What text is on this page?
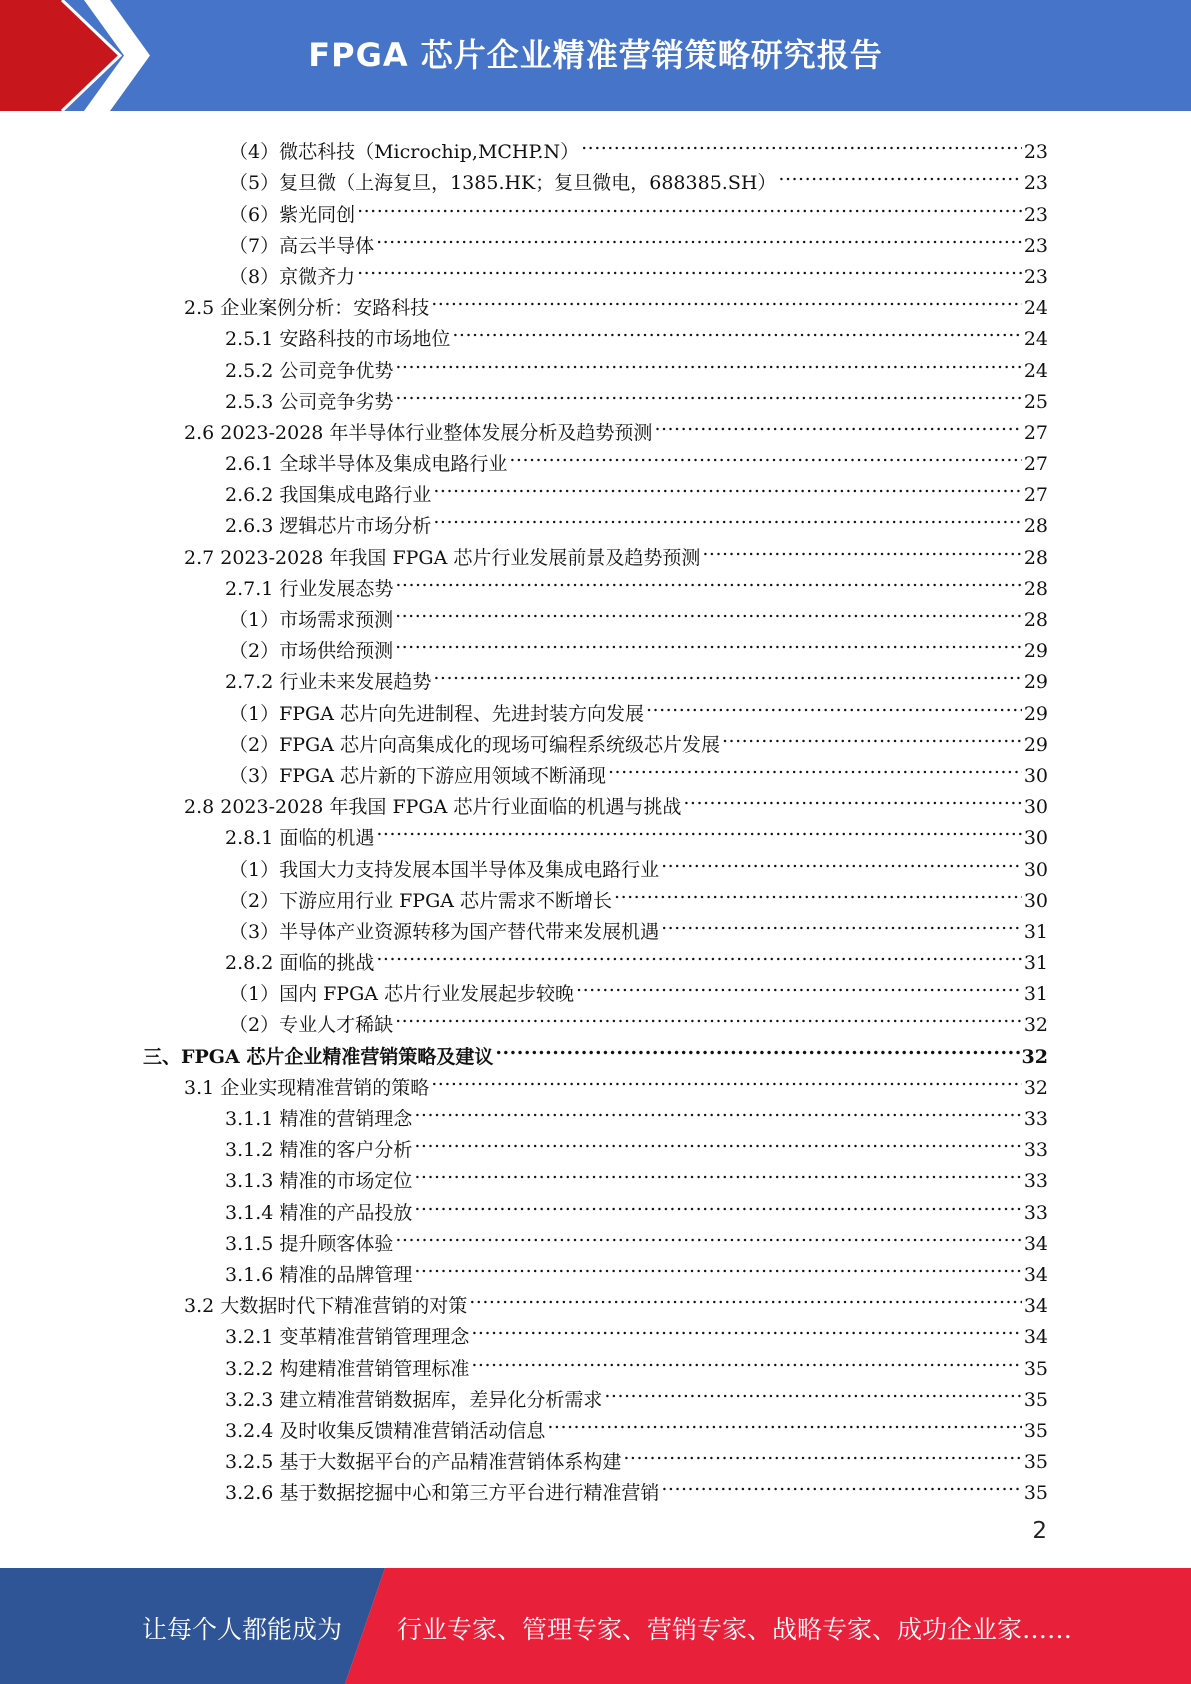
FPGA 芯片企业精准营销策略研究报告
（4）微芯科技（Microchip,MCHP.N） .....	23
（5）复旦微（上海复旦，1385.HK；复旦微电，688385.SH） .....	23
（6）紫光同创 .....	23
（7）高云半导体 .....	23
（8）京微齐力 .....	23
2.5 企业案例分析：安路科技 .....	24
2.5.1 安路科技的市场地位 .....	24
2.5.2 公司竞争优势 .....	24
2.5.3 公司竞争劣势 .....	25
2.6 2023-2028 年半导体行业整体发展分析及趋势预测 .....	27
2.6.1 全球半导体及集成电路行业 .....	27
2.6.2 我国集成电路行业 .....	27
2.6.3 逻辑芯片市场分析 .....	28
2.7 2023-2028 年我国 FPGA 芯片行业发展前景及趋势预测 .....	28
2.7.1 行业发展态势 .....	28
（1）市场需求预测 .....	28
（2）市场供给预测 .....	29
2.7.2 行业未来发展趋势 .....	29
（1）FPGA 芯片向先进制程、先进封装方向发展 .....	29
（2）FPGA 芯片向高集成化的现场可编程系统级芯片发展 .....	29
（3）FPGA 芯片新的下游应用领域不断涌现 .....	30
2.8 2023-2028 年我国 FPGA 芯片行业面临的机遇与挑战 .....	30
2.8.1 面临的机遇 .....	30
（1）我国大力支持发展本国半导体及集成电路行业 .....	30
（2）下游应用行业 FPGA 芯片需求不断增长 .....	30
（3）半导体产业资源转移为国产替代带来发展机遇 .....	31
2.8.2 面临的挑战 .....	31
（1）国内 FPGA 芯片行业发展起步较晚 .....	31
（2）专业人才稀缺 .....	32
三、FPGA 芯片企业精准营销策略及建议 .....	32
3.1 企业实现精准营销的策略 .....	32
3.1.1 精准的营销理念 .....	33
3.1.2 精准的客户分析 .....	33
3.1.3 精准的市场定位 .....	33
3.1.4 精准的产品投放 .....	33
3.1.5 提升顾客体验 .....	34
3.1.6 精准的品牌管理 .....	34
3.2 大数据时代下精准营销的对策 .....	34
3.2.1 变革精准营销管理理念 .....	34
3.2.2 构建精准营销管理标准 .....	35
3.2.3 建立精准营销数据库，差异化分析需求 .....	35
3.2.4 及时收集反馈精准营销活动信息 .....	35
3.2.5 基于大数据平台的产品精准营销体系构建 .....	35
3.2.6 基于数据挖掘中心和第三方平台进行精准营销 .....	35
2
让每个人都能成为 行业专家、管理专家、营销专家、战略专家、成功企业家……
